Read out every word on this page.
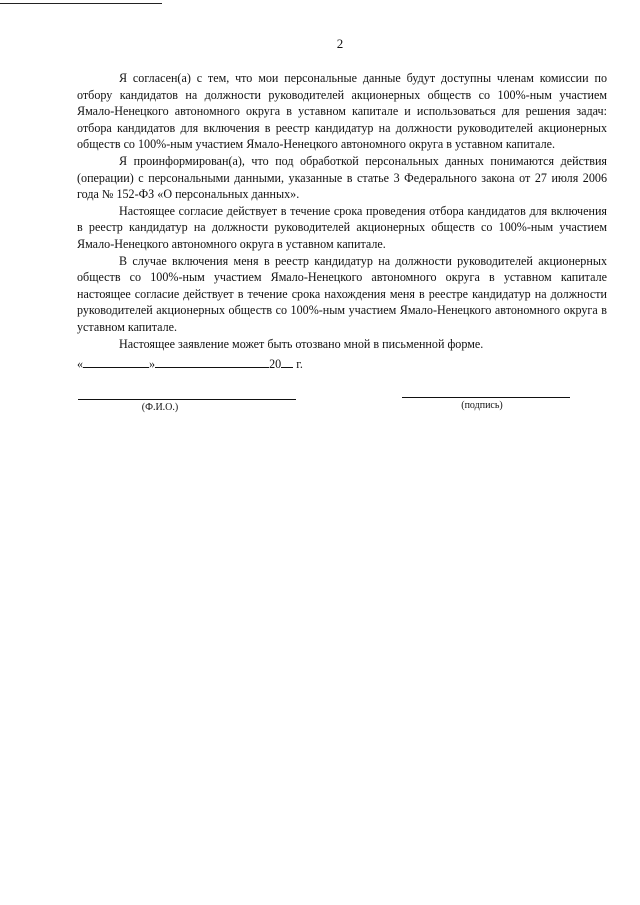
2

Я согласен(а) с тем, что мои персональные данные будут доступны членам комиссии по отбору кандидатов на должности руководителей акционерных обществ со 100%-ным участием Ямало-Ненецкого автономного округа в уставном капитале и использоваться для решения задач: отбора кандидатов для включения в реестр кандидатур на должности руководителей акционерных обществ со 100%-ным участием Ямало-Ненецкого автономного округа в уставном капитале.

Я проинформирован(а), что под обработкой персональных данных понимаются действия (операции) с персональными данными, указанные в статье 3 Федерального закона от 27 июля 2006 года № 152-ФЗ «О персональных данных».

Настоящее согласие действует в течение срока проведения отбора кандидатов для включения в реестр кандидатур на должности руководителей акционерных обществ со 100%-ным участием Ямало-Ненецкого автономного округа в уставном капитале.

В случае включения меня в реестр кандидатур на должности руководителей акционерных обществ со 100%-ным участием Ямало-Ненецкого автономного округа в уставном капитале настоящее согласие действует в течение срока нахождения меня в реестре кандидатур на должности руководителей акционерных обществ со 100%-ным участием Ямало-Ненецкого автономного округа в уставном капитале.

Настоящее заявление может быть отозвано мной в письменной форме.

«	»	20 г.
(Ф.И.О.)	(подпись)
